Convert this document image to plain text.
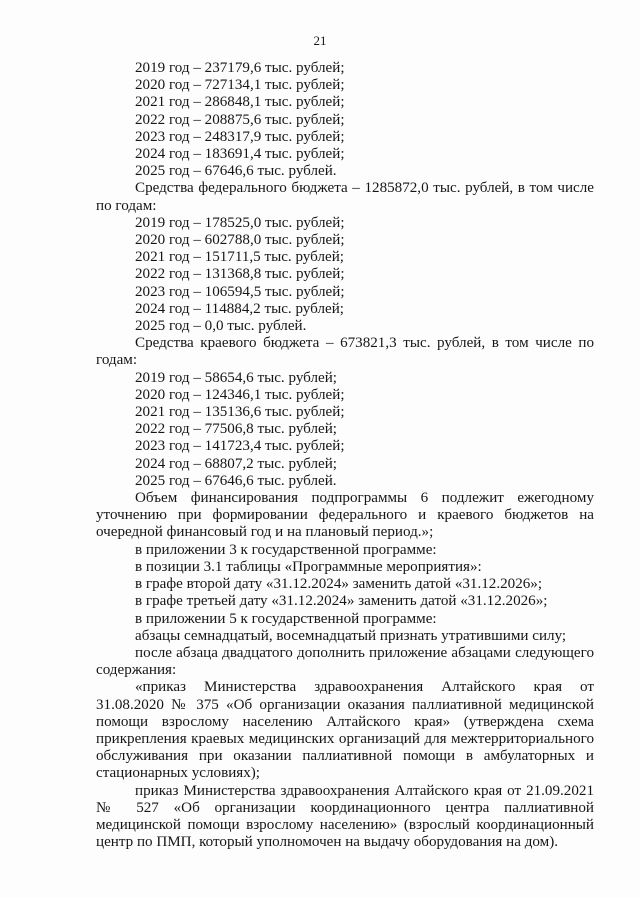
21
2019 год – 237179,6 тыс. рублей;
2020 год – 727134,1 тыс. рублей;
2021 год – 286848,1 тыс. рублей;
2022 год – 208875,6 тыс. рублей;
2023 год – 248317,9 тыс. рублей;
2024 год – 183691,4 тыс. рублей;
2025 год – 67646,6 тыс. рублей.
Средства федерального бюджета – 1285872,0 тыс. рублей, в том числе по годам:
2019 год – 178525,0 тыс. рублей;
2020 год – 602788,0 тыс. рублей;
2021 год – 151711,5 тыс. рублей;
2022 год – 131368,8 тыс. рублей;
2023 год – 106594,5 тыс. рублей;
2024 год – 114884,2 тыс. рублей;
2025 год – 0,0 тыс. рублей.
Средства краевого бюджета – 673821,3 тыс. рублей, в том числе по годам:
2019 год – 58654,6 тыс. рублей;
2020 год – 124346,1 тыс. рублей;
2021 год – 135136,6 тыс. рублей;
2022 год – 77506,8 тыс. рублей;
2023 год – 141723,4 тыс. рублей;
2024 год – 68807,2 тыс. рублей;
2025 год – 67646,6 тыс. рублей.
Объем финансирования подпрограммы 6 подлежит ежегодному уточнению при формировании федерального и краевого бюджетов на очередной финансовый год и на плановый период.»;
в приложении 3 к государственной программе:
в позиции 3.1 таблицы «Программные мероприятия»:
в графе второй дату «31.12.2024» заменить датой «31.12.2026»;
в графе третьей дату «31.12.2024» заменить датой «31.12.2026»;
в приложении 5 к государственной программе:
абзацы семнадцатый, восемнадцатый признать утратившими силу;
после абзаца двадцатого дополнить приложение абзацами следующего содержания:
«приказ Министерства здравоохранения Алтайского края от 31.08.2020 № 375 «Об организации оказания паллиативной медицинской помощи взрослому населению Алтайского края» (утверждена схема прикрепления краевых медицинских организаций для межтерриториального обслуживания при оказании паллиативной помощи в амбулаторных и стационарных условиях);
приказ Министерства здравоохранения Алтайского края от 21.09.2021 № 527 «Об организации координационного центра паллиативной медицинской помощи взрослому населению» (взрослый координационный центр по ПМП, который уполномочен на выдачу оборудования на дом).
